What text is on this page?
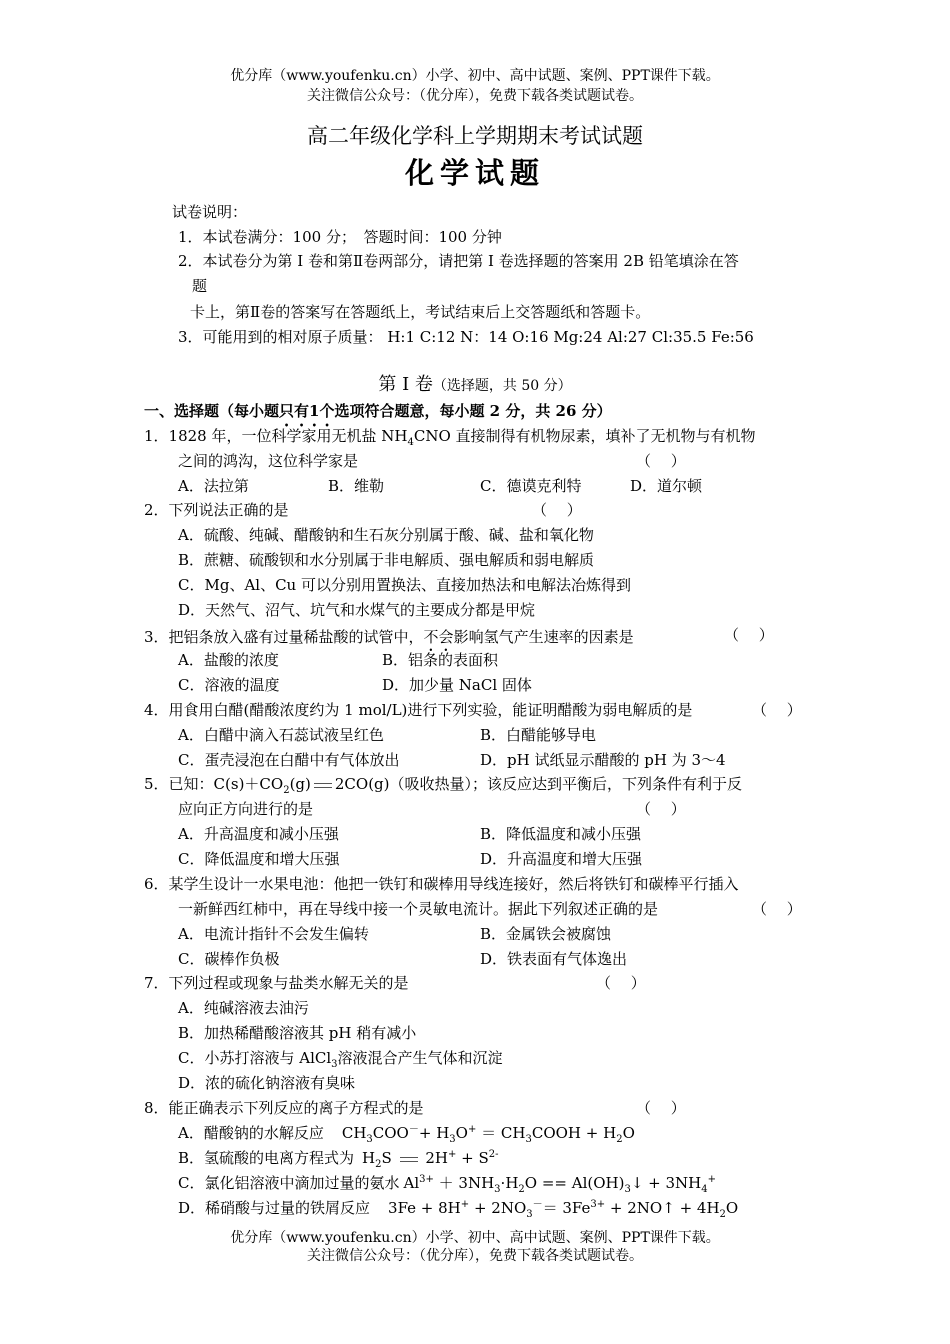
优分库（www.youfenku.cn）小学、初中、高中试题、案例、PPT课件下载。
关注微信公众号：（优分库），免费下载各类试题试卷。
高二年级化学科上学期期末考试试题
化学试题
试卷说明：
1．本试卷满分：100 分；　答题时间：100 分钟
2．本试卷分为第 Ⅰ 卷和第Ⅱ卷两部分，请把第 Ⅰ 卷选择题的答案用 2B 铅笔填涂在答
题
卡上，第Ⅱ卷的答案写在答题纸上，考试结束后上交答题纸和答题卡。
3．可能用到的相对原子质量： H:1 C:12 N：14 O:16 Mg:24 Al:27 Cl:35.5 Fe:56
第 Ⅰ 卷（选择题，共 50 分）
一、选择题（每小题只有1个选项符合题意，每小题 2 分，共 26 分）
1．1828 年，一位科学家用无机盐 $NH_4CNO$ 直接制得有机物尿素，填补了无机物与有机物
之间的鸿沟，这位科学家是	（　 ）
A．法拉第	B．维勒	C．德谟克利特	D．道尔顿
2．下列说法正确的是	（　 ）
A．硫酸、纯碱、醋酸钠和生石灰分别属于酸、碱、盐和氧化物
B．蔗糖、硫酸钡和水分别属于非电解质、强电解质和弱电解质
C．Mg、Al、Cu 可以分别用置换法、直接加热法和电解法冶炼得到
D．天然气、沼气、坑气和水煤气的主要成分都是甲烷
3．把铝条放入盛有过量稀盐酸的试管中，不会影响氢气产生速率的因素是	（　 ）
A．盐酸的浓度	B．铝条的表面积
C．溶液的温度	D．加少量 NaCl 固体
4．用食用白醋(醋酸浓度约为 1 mol/L)进行下列实验，能证明醋酸为弱电解质的是	（　 ）
A．白醋中滴入石蕊试液呈红色	B．白醋能够导电
C．蛋壳浸泡在白醋中有气体放出	D．pH 试纸显示醋酸的 pH 为 3～4
5．已知：$C(s)+CO_2(g)$ 2CO(g)（吸收热量）；该反应达到平衡后，下列条件有利于反
应向正方向进行的是	（　 ）
A．升高温度和减小压强	B．降低温度和减小压强
C．降低温度和增大压强	D．升高温度和增大压强
6．某学生设计一水果电池：他把一铁钉和碳棒用导线连接好，然后将铁钉和碳棒平行插入
一新鲜西红柿中，再在导线中接一个灵敏电流计。据此下列叙述正确的是	（　 ）
A．电流计指针不会发生偏转	B．金属铁会被腐蚀
C．碳棒作负极	D．铁表面有气体逸出
7．下列过程或现象与盐类水解无关的是	（　 ）
A．纯碱溶液去油污
B．加热稀醋酸溶液其 pH 稍有减小
C．小苏打溶液与 AlCl$_3$溶液混合产生气体和沉淀
D．浓的硫化钠溶液有臭味
8．能正确表示下列反应的离子方程式的是	（　 ）
A．醋酸钠的水解反应 $CH_3COO^-+ H_3O^+$ ＝ $CH_3COOH + H_2O$
B．氢硫酸的电离方程式为 $H_2S$  $2H^+ + S^{2-}$
C．氯化铝溶液中滴加过量的氨水 $Al^{3+} + 3NH_3\cdot H_2O$ == $Al(OH)_3↓ + 3NH_4^+$
D．稀硝酸与过量的铁屑反应 $3Fe + 8H^+ + 2NO_3^-= 3Fe^{3+}$ + 2NO↑ + $4H_2O$
优分库（www.youfenku.cn）小学、初中、高中试题、案例、PPT课件下载。
关注微信公众号：（优分库），免费下载各类试题试卷。
